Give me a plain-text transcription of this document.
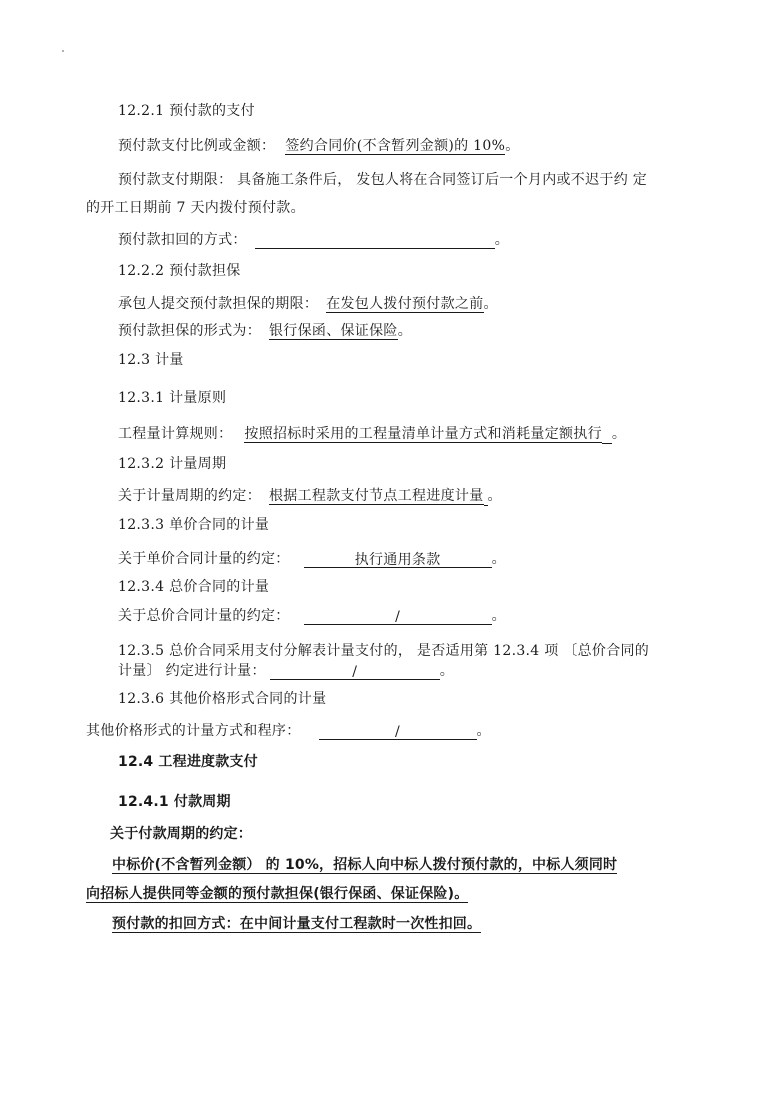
12.2.1 预付款的支付
预付款支付比例或金额： 签约合同价(不含暂列金额)的 10%。
预付款支付期限： 具备施工条件后， 发包人将在合同签订后一个月内或不迟于约 定
的开工日期前 7 天内拨付预付款。
预付款扣回的方式：	。
12.2.2 预付款担保
承包人提交预付款担保的期限： 在发包人拨付预付款之前。
预付款担保的形式为： 银行保函、保证保险。
12.3 计量
12.3.1 计量原则
工程量计算规则： 按照招标时采用的工程量清单计量方式和消耗量定额执行 。
12.3.2 计量周期
关于计量周期的约定： 根据工程款支付节点工程进度计量 。
12.3.3 单价合同的计量
关于单价合同计量的约定：	执行通用条款	。
12.3.4 总价合同的计量
关于总价合同计量的约定：	/	。
12.3.5 总价合同采用支付分解表计量支付的， 是否适用第 12.3.4 项 〔总价合同的
计量〕 约定进行计量：	/	。
12.3.6 其他价格形式合同的计量
其他价格形式的计量方式和程序：	/	。
12.4 工程进度款支付
12.4.1 付款周期
关于付款周期的约定：
中标价(不含暂列金额） 的 10%，招标人向中标人拨付预付款的，中标人须同时
向招标人提供同等金额的预付款担保(银行保函、保证保险)。
预付款的扣回方式：在中间计量支付工程款时一次性扣回。
